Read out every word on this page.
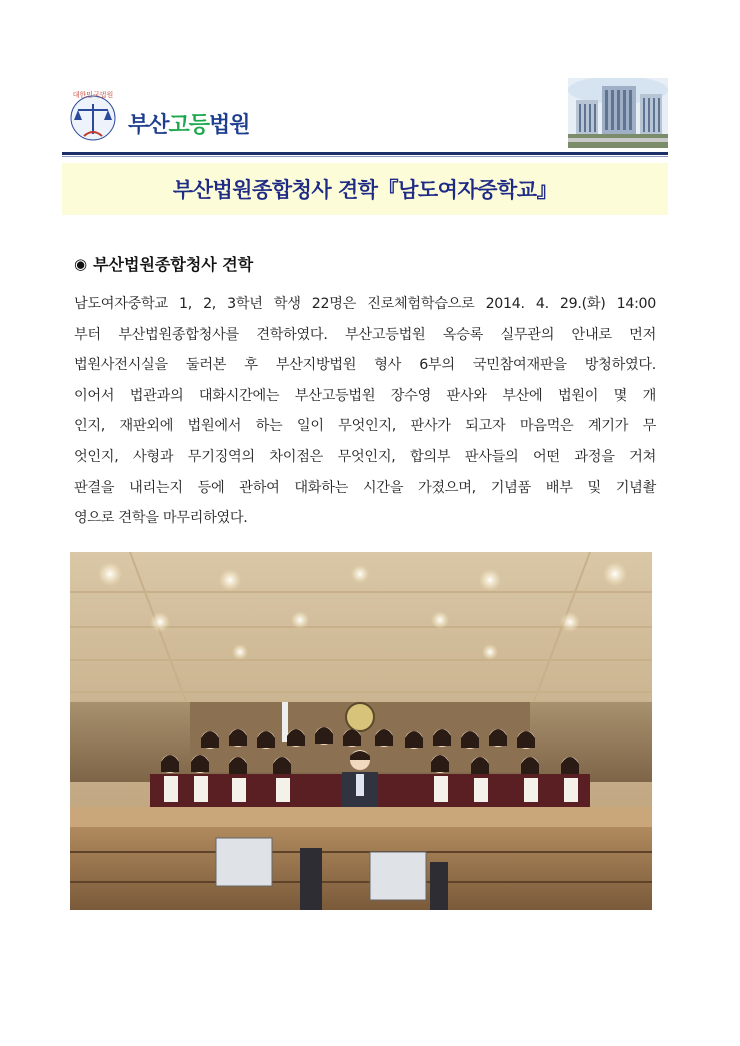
대한민국법원
부산고등법원
부산법원종합청사 견학『남도여자중학교』
◉ 부산법원종합청사 견학
남도여자중학교 1, 2, 3학년 학생 22명은 진로체험학습으로 2014. 4. 29.(화) 14:00
부터 부산법원종합청사를 견학하였다. 부산고등법원 옥승록 실무관의 안내로 먼저
법원사전시실을 둘러본 후 부산지방법원 형사 6부의 국민참여재판을 방청하였다.
이어서 법관과의 대화시간에는 부산고등법원 장수영 판사와 부산에 법원이 몇 개
인지, 재판외에 법원에서 하는 일이 무엇인지, 판사가 되고자 마음먹은 계기가 무
엇인지, 사형과 무기징역의 차이점은 무엇인지, 합의부 판사들의 어떤 과정을 거쳐
판결을 내리는지 등에 관하여 대화하는 시간을 가졌으며, 기념품 배부 및 기념촬
영으로 견학을 마무리하였다.
